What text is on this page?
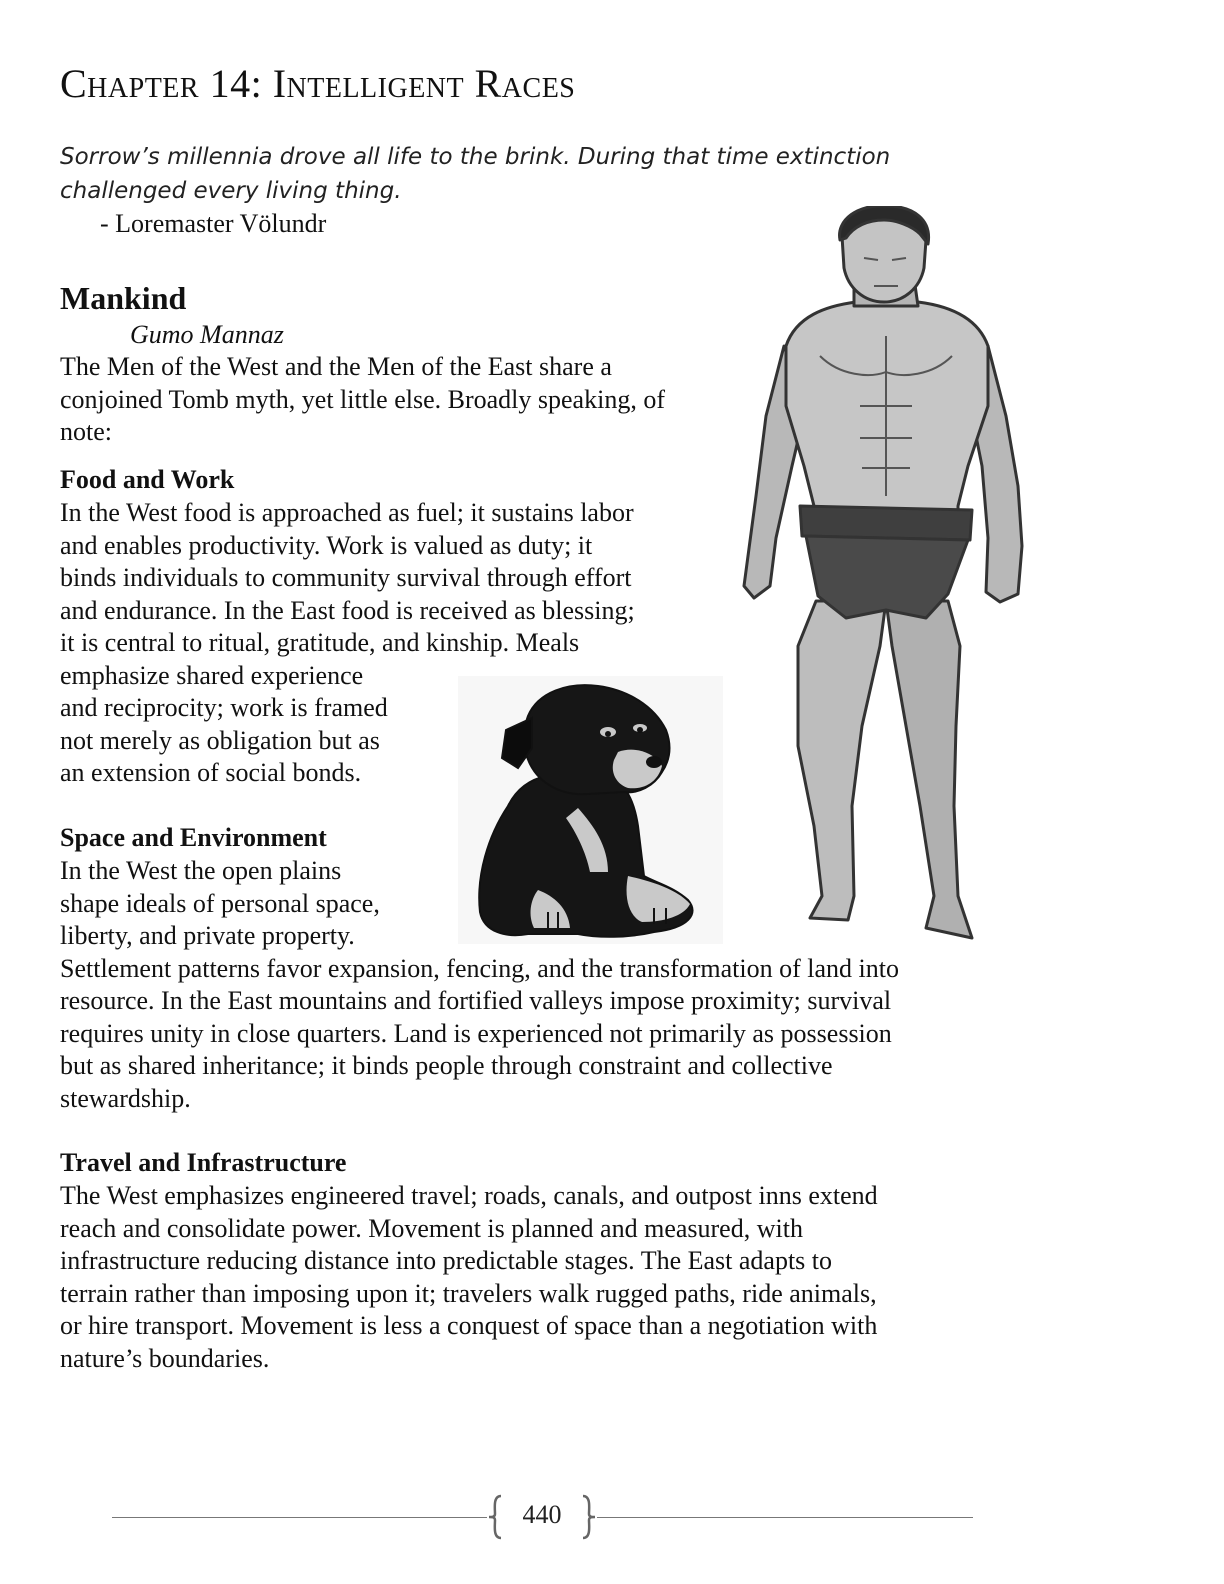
Chapter 14: Intelligent Races
Sorrow’s millennia drove all life to the brink. During that time extinction challenged every living thing.
- Loremaster Völundr
Mankind
Gumo Mannaz
The Men of the West and the Men of the East share a conjoined Tomb myth, yet little else. Broadly speaking, of note:
Food and Work

In the West food is approached as fuel; it sustains labor

and enables productivity. Work is valued as duty; it

binds individuals to community survival through effort

and endurance. In the East food is received as blessing;

it is central to ritual, gratitude, and kinship. Meals

emphasize shared experience

and reciprocity; work is framed

not merely as obligation but as

an extension of social bonds.

Space and Environment

In the West the open plains

shape ideals of personal space,

liberty, and private property.

Settlement patterns favor expansion, fencing, and the transformation of land into

resource. In the East mountains and fortified valleys impose proximity; survival

requires unity in close quarters. Land is experienced not primarily as possession

but as shared inheritance; it binds people through constraint and collective

stewardship.

Travel and Infrastructure

The West emphasizes engineered travel; roads, canals, and outpost inns extend

reach and consolidate power. Movement is planned and measured, with

infrastructure reducing distance into predictable stages. The East adapts to

terrain rather than imposing upon it; travelers walk rugged paths, ride animals,

or hire transport. Movement is less a conquest of space than a negotiation with

nature’s boundaries.

440
